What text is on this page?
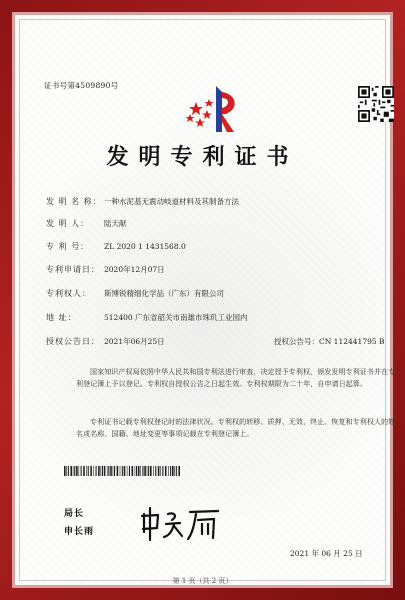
证书号第4509890号
发明专利证书
发 明 名 称： 一种水泥基无震动岐道材料及其制备方法
发 明 人： 陆天献
专 利 号： ZL 2020 1 1431568.0
专利申请日： 2020年12月07日
专利权人： 斯博锐精细化学品（广东）有限公司
地 址：	512400 广东省韶关市南雄市珠玑工业园内
授权公告日： 2021年06月25日	授权公告号：CN 112441795 B
国家知识产权局依照中华人民共和国专利法进行审查，决定授予专利权，颁发发明专利证书并在专利登记簿上予以登记。专利权自授权公告之日起生效。专利权期限为二十年，自申请日起算。
专利证书记载专利权登记时的法律状况。专利权的转移、质押、无效、终止、恢复和专利权人的姓名或名称、国籍、地址变更等事项记载在专利登记簿上。
局长
申长雨
2021 年 06 月 25 日
第 1 页（共 2 页）
